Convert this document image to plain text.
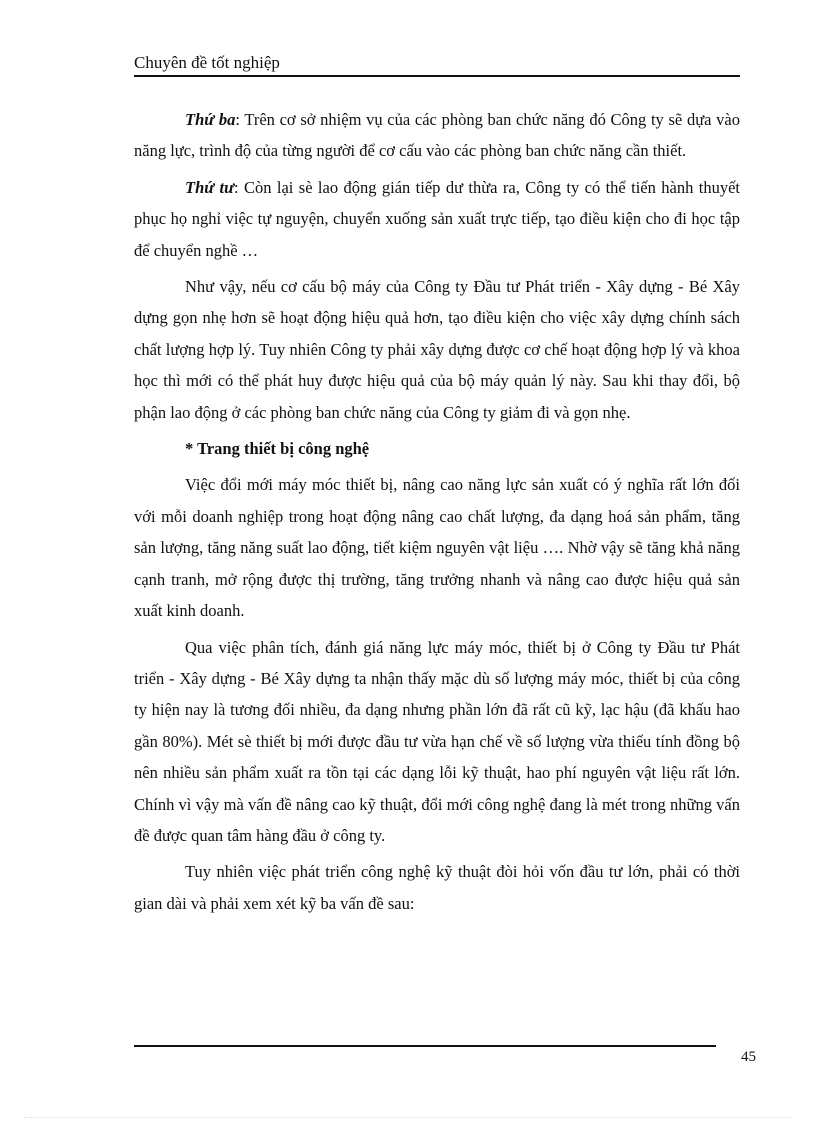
Chuyên đề tốt nghiệp

Thứ ba: Trên cơ sở nhiệm vụ của các phòng ban chức năng đó Công ty sẽ dựa vào năng lực, trình độ của từng người để cơ cấu vào các phòng ban chức năng cần thiết.

Thứ tư: Còn lại sè lao động gián tiếp dư thừa ra, Công ty có thể tiến hành thuyết phục họ nghỉ việc tự nguyện, chuyển xuống sản xuất trực tiếp, tạo điều kiện cho đi học tập để chuyển nghề …

Như vậy, nếu cơ cấu bộ máy của Công ty Đầu tư Phát triển - Xây dựng - Bé Xây dựng gọn nhẹ hơn sẽ hoạt động hiệu quả hơn, tạo điều kiện cho việc xây dựng chính sách chất lượng hợp lý. Tuy nhiên Công ty phải xây dựng được cơ chế hoạt động hợp lý và khoa học thì mới có thể phát huy được hiệu quả của bộ máy quản lý này. Sau khi thay đổi, bộ phận lao động ở các phòng ban chức năng của Công ty giảm đi và gọn nhẹ.

* Trang thiết bị công nghệ

Việc đổi mới máy móc thiết bị, nâng cao năng lực sản xuất có ý nghĩa rất lớn đối với mỗi doanh nghiệp trong hoạt động nâng cao chất lượng, đa dạng hoá sản phẩm, tăng sản lượng, tăng năng suất lao động, tiết kiệm nguyên vật liệu …. Nhờ vậy sẽ tăng khả năng cạnh tranh, mở rộng được thị trường, tăng trưởng nhanh và nâng cao được hiệu quả sản xuất kinh doanh.

Qua việc phân tích, đánh giá năng lực máy móc, thiết bị ở Công ty Đầu tư Phát triển - Xây dựng - Bé Xây dựng ta nhận thấy mặc dù số lượng máy móc, thiết bị của công ty hiện nay là tương đối nhiều, đa dạng nhưng phần lớn đã rất cũ kỹ, lạc hậu (đã khấu hao gần 80%). Mét sè thiết bị mới được đầu tư vừa hạn chế về số lượng vừa thiếu tính đồng bộ nên nhiều sản phẩm xuất ra tồn tại các dạng lỗi kỹ thuật, hao phí nguyên vật liệu rất lớn. Chính vì vậy mà vấn đề nâng cao kỹ thuật, đổi mới công nghệ đang là mét trong những vấn đề được quan tâm hàng đầu ở công ty.

Tuy nhiên việc phát triển công nghệ kỹ thuật đòi hỏi vốn đầu tư lớn, phải có thời gian dài và phải xem xét kỹ ba vấn đề sau:

45
